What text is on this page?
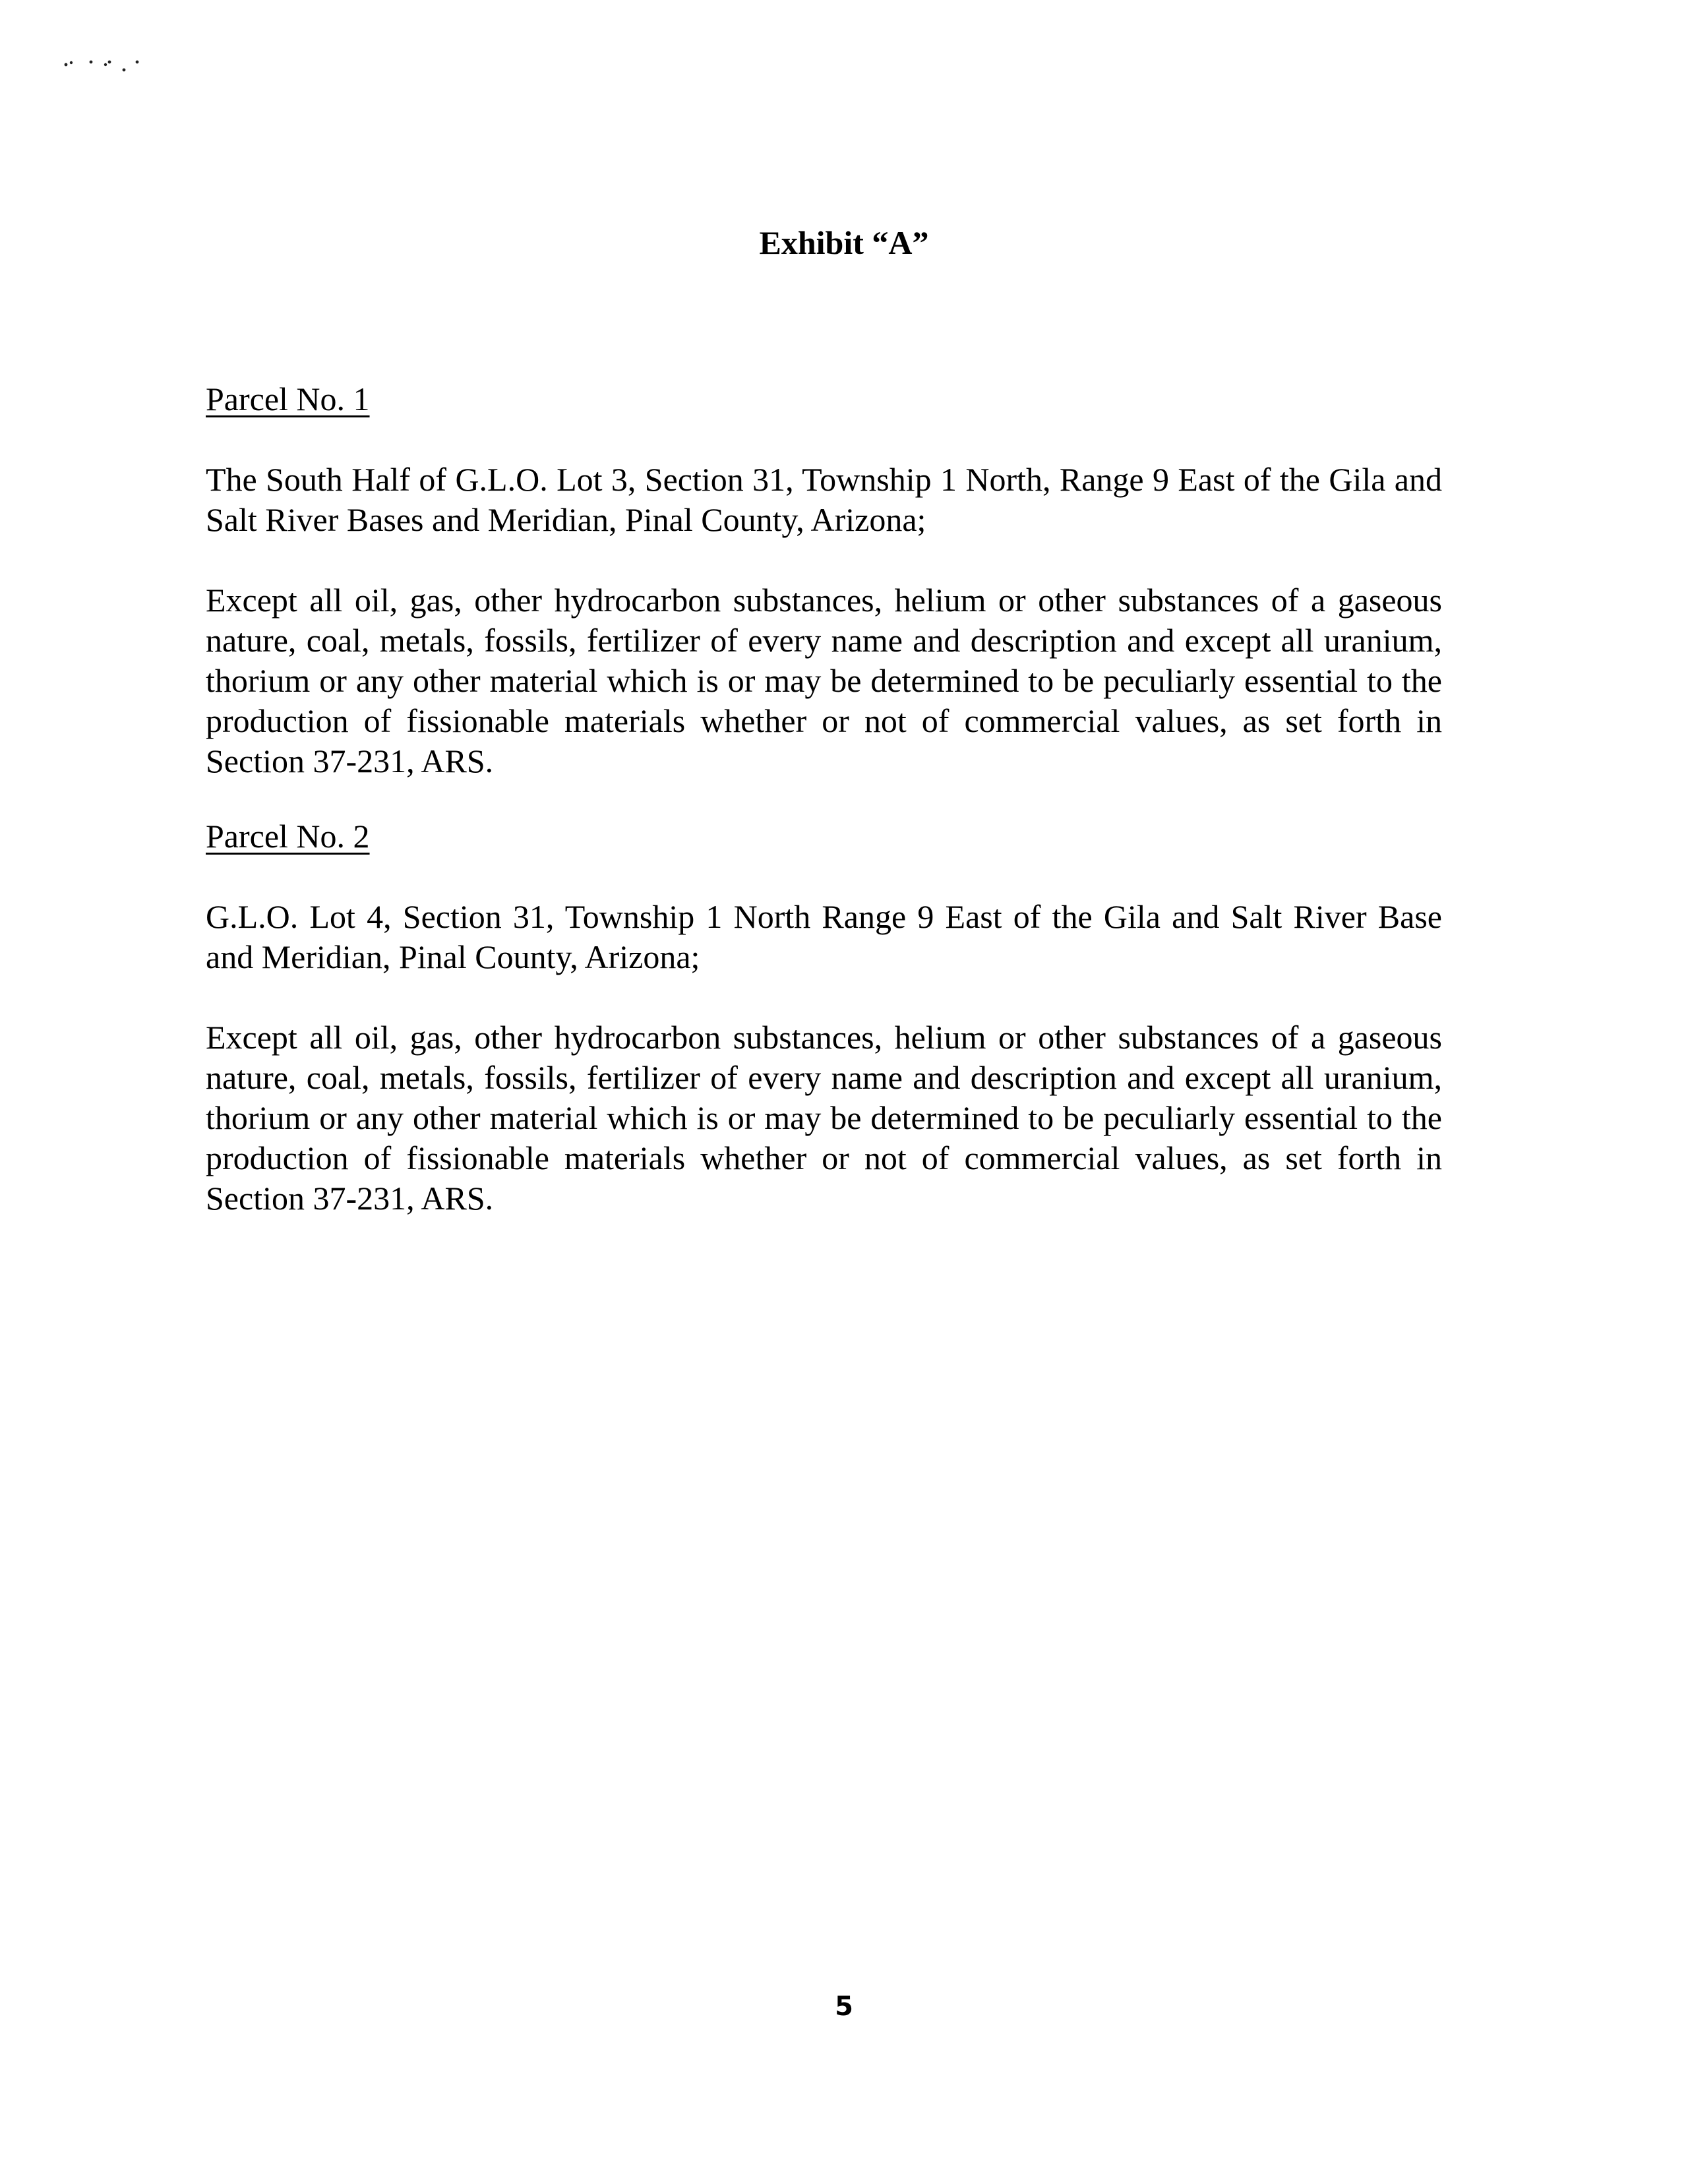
Exhibit “A”
Parcel No. 1

The South Half of G.L.O. Lot 3, Section 31, Township 1 North, Range 9 East of the Gila and Salt River Bases and Meridian, Pinal County, Arizona;

Except all oil, gas, other hydrocarbon substances, helium or other substances of a gaseous nature, coal, metals, fossils, fertilizer of every name and description and except all uranium, thorium or any other material which is or may be determined to be peculiarly essential to the production of fissionable materials whether or not of commercial values, as set forth in Section 37-231, ARS.

Parcel No. 2

G.L.O. Lot 4, Section 31, Township 1 North Range 9 East of the Gila and Salt River Base and Meridian, Pinal County, Arizona;

Except all oil, gas, other hydrocarbon substances, helium or other substances of a gaseous nature, coal, metals, fossils, fertilizer of every name and description and except all uranium, thorium or any other material which is or may be determined to be peculiarly essential to the production of fissionable materials whether or not of commercial values, as set forth in Section 37-231, ARS.

5
